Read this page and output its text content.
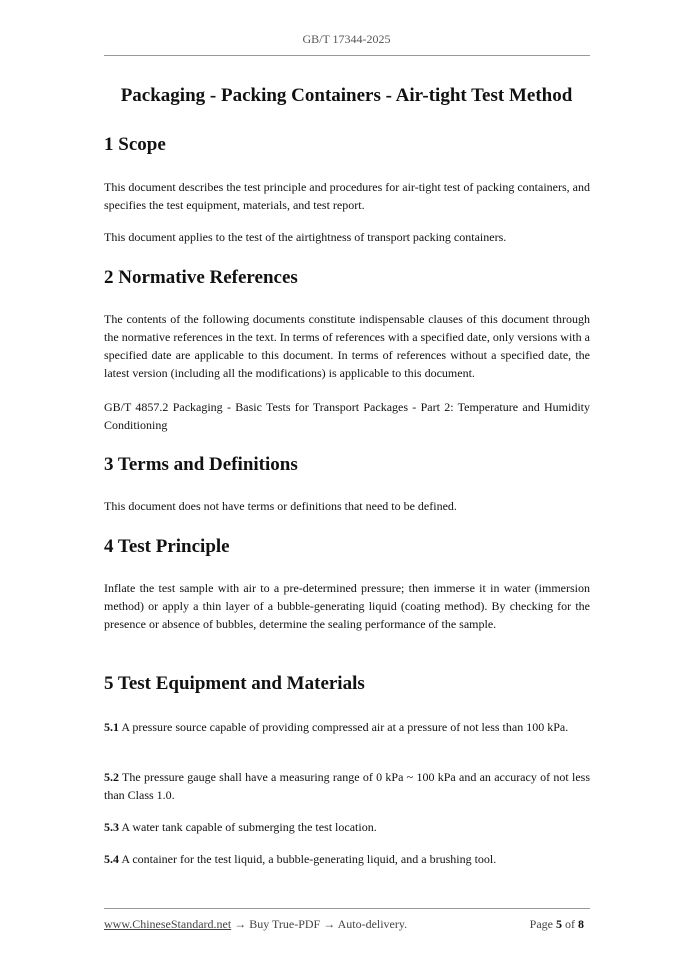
GB/T 17344-2025
Packaging - Packing Containers - Air-tight Test Method
1 Scope

This document describes the test principle and procedures for air-tight test of packing containers, and specifies the test equipment, materials, and test report.

This document applies to the test of the airtightness of transport packing containers.

2 Normative References

The contents of the following documents constitute indispensable clauses of this document through the normative references in the text. In terms of references with a specified date, only versions with a specified date are applicable to this document. In terms of references without a specified date, the latest version (including all the modifications) is applicable to this document.

GB/T 4857.2 Packaging - Basic Tests for Transport Packages - Part 2: Temperature and Humidity Conditioning

3 Terms and Definitions

This document does not have terms or definitions that need to be defined.

4 Test Principle

Inflate the test sample with air to a pre-determined pressure; then immerse it in water (immersion method) or apply a thin layer of a bubble-generating liquid (coating method). By checking for the presence or absence of bubbles, determine the sealing performance of the sample.

5 Test Equipment and Materials

5.1 A pressure source capable of providing compressed air at a pressure of not less than 100 kPa.

5.2 The pressure gauge shall have a measuring range of 0 kPa ~ 100 kPa and an accuracy of not less than Class 1.0.

5.3 A water tank capable of submerging the test location.

5.4 A container for the test liquid, a bubble-generating liquid, and a brushing tool.

www.ChineseStandard.net → Buy True-PDF → Auto-delivery.	Page 5 of 8
